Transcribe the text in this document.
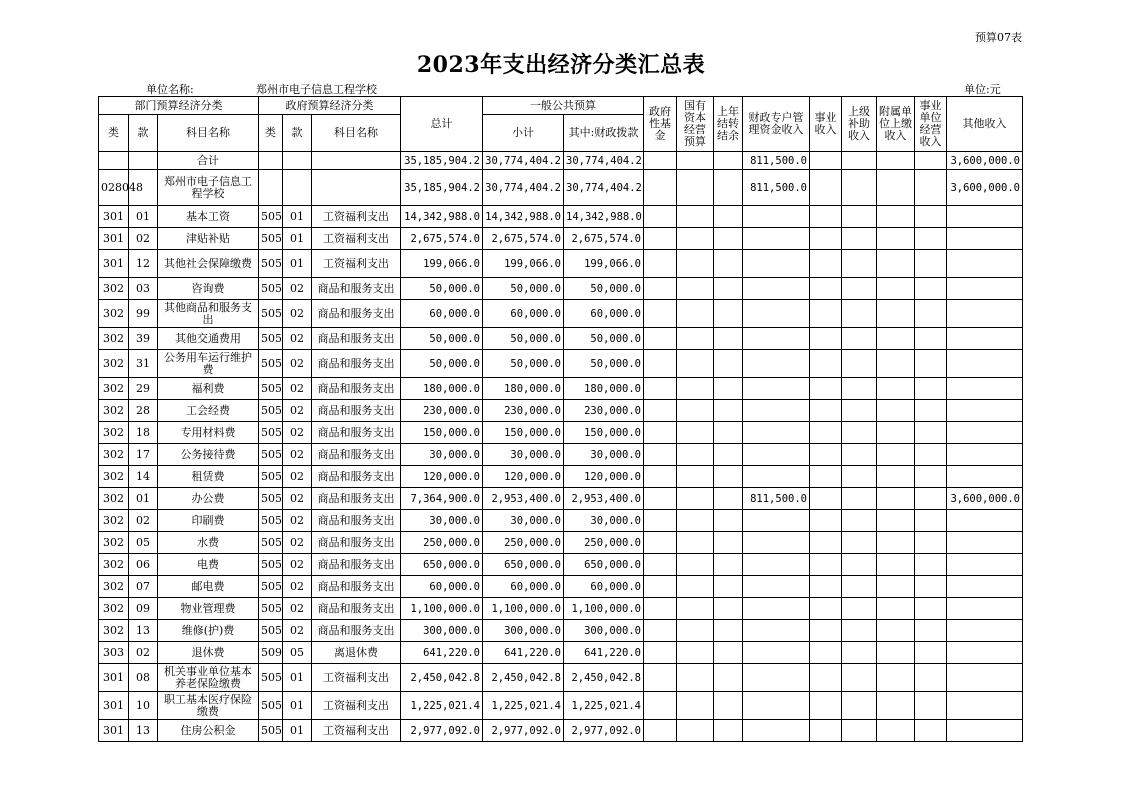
预算07表
2023年支出经济分类汇总表
单位名称:	郑州市电子信息工程学校	单位:元
部门预算经济分类			政府预算经济分类			总计	一般公共预算		政府性基金	国有资本经营预算	上年结转结余	财政专户管理资金收入	事业收入	上级补助收入	附属单位上缴收入	事业单位经营收入	其他收入
类	款	科目名称	类	款	科目名称		小计	其中:财政拨款									
		合计				35,185,904.2	30,774,404.2	30,774,404.2				811,500.0					3,600,000.0
028048		郑州市电子信息工程学校				35,185,904.2	30,774,404.2	30,774,404.2				811,500.0					3,600,000.0
301	01	基本工资	505	01	工资福利支出	14,342,988.0	14,342,988.0	14,342,988.0									
301	02	津贴补贴	505	01	工资福利支出	2,675,574.0	2,675,574.0	2,675,574.0									
301	12	其他社会保障缴费	505	01	工资福利支出	199,066.0	199,066.0	199,066.0									
302	03	咨询费	505	02	商品和服务支出	50,000.0	50,000.0	50,000.0									
302	99	其他商品和服务支出	505	02	商品和服务支出	60,000.0	60,000.0	60,000.0									
302	39	其他交通费用	505	02	商品和服务支出	50,000.0	50,000.0	50,000.0									
302	31	公务用车运行维护费	505	02	商品和服务支出	50,000.0	50,000.0	50,000.0									
302	29	福利费	505	02	商品和服务支出	180,000.0	180,000.0	180,000.0									
302	28	工会经费	505	02	商品和服务支出	230,000.0	230,000.0	230,000.0									
302	18	专用材料费	505	02	商品和服务支出	150,000.0	150,000.0	150,000.0									
302	17	公务接待费	505	02	商品和服务支出	30,000.0	30,000.0	30,000.0									
302	14	租赁费	505	02	商品和服务支出	120,000.0	120,000.0	120,000.0									
302	01	办公费	505	02	商品和服务支出	7,364,900.0	2,953,400.0	2,953,400.0				811,500.0					3,600,000.0
302	02	印刷费	505	02	商品和服务支出	30,000.0	30,000.0	30,000.0									
302	05	水费	505	02	商品和服务支出	250,000.0	250,000.0	250,000.0									
302	06	电费	505	02	商品和服务支出	650,000.0	650,000.0	650,000.0									
302	07	邮电费	505	02	商品和服务支出	60,000.0	60,000.0	60,000.0									
302	09	物业管理费	505	02	商品和服务支出	1,100,000.0	1,100,000.0	1,100,000.0									
302	13	维修(护)费	505	02	商品和服务支出	300,000.0	300,000.0	300,000.0									
303	02	退休费	509	05	离退休费	641,220.0	641,220.0	641,220.0									
301	08	机关事业单位基本养老保险缴费	505	01	工资福利支出	2,450,042.8	2,450,042.8	2,450,042.8									
301	10	职工基本医疗保险缴费	505	01	工资福利支出	1,225,021.4	1,225,021.4	1,225,021.4									
301	13	住房公积金	505	01	工资福利支出	2,977,092.0	2,977,092.0	2,977,092.0									
